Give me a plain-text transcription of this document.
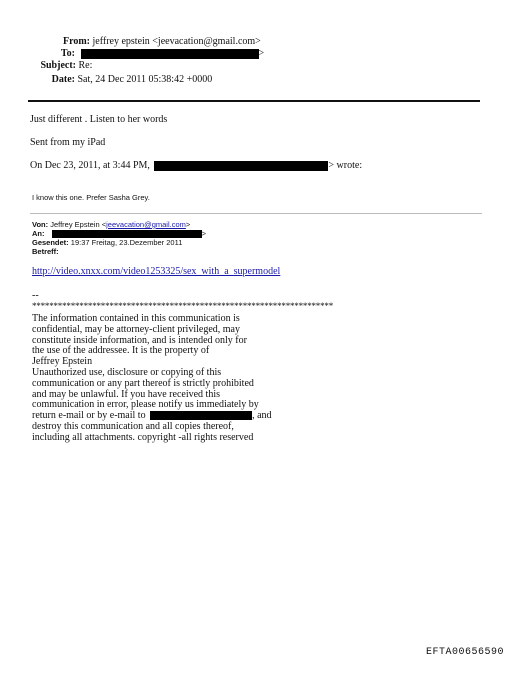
From: jeffrey epstein <jeevacation@gmail.com>
To:	>
Subject: Re:
Date: Sat, 24 Dec 2011 05:38:42 +0000
Just different . Listen to her words
Sent from my iPad
On Dec 23, 2011, at 3:44 PM,	> wrote:
I know this one. Prefer Sasha Grey.
Von: Jeffrey Epstein <jeevacation@gmail.com>
An:	>
Gesendet: 19:37 Freitag, 23.Dezember 2011
Betreff:
http://video.xnxx.com/video1253325/sex_with_a_supermodel
--
**********************************************************************
The information contained in this communication is
confidential, may be attorney-client privileged, may
constitute inside information, and is intended only for
the use of the addressee. It is the property of
Jeffrey Epstein
Unauthorized use, disclosure or copying of this
communication or any part thereof is strictly prohibited
and may be unlawful. If you have received this
communication in error, please notify us immediately by
return e-mail or by e-mail to	, and
destroy this communication and all copies thereof,
including all attachments. copyright -all rights reserved
EFTA00656590
